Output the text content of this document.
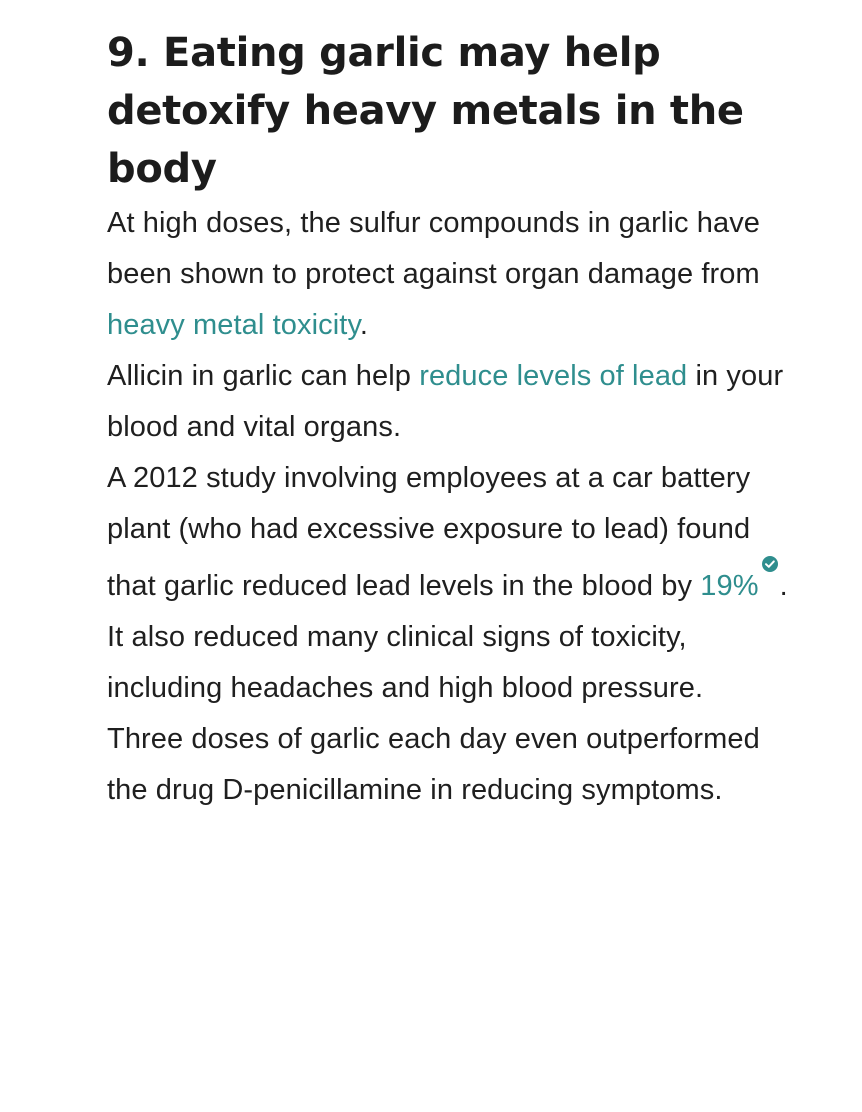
9. Eating garlic may help detoxify heavy metals in the body

At high doses, the sulfur compounds in garlic have been shown to protect against organ damage from heavy metal toxicity.

Allicin in garlic can help reduce levels of lead in your blood and vital organs.

A 2012 study involving employees at a car battery plant (who had excessive exposure to lead) found that garlic reduced lead levels in the blood by 19% . It also reduced many clinical signs of toxicity, including headaches and high blood pressure.

Three doses of garlic each day even outperformed the drug D-penicillamine in reducing symptoms.
